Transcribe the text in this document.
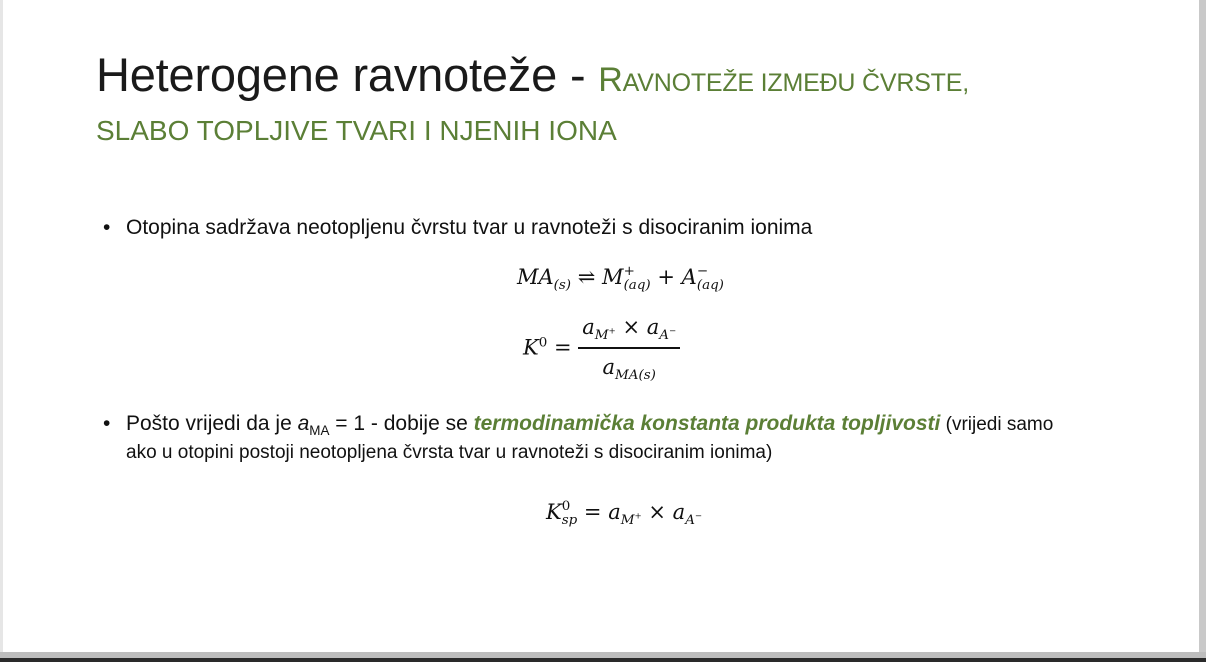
Heterogene ravnoteže - RAVNOTEŽE IZMEĐU ČVRSTE,
SLABO TOPLJIVE TVARI I NJENIH IONA
• Otopina sadržava neotopljenu čvrstu tvar u ravnoteži s disociranim ionima
$MA_{(s)}$ ⇌ M +
(aq) + A −
(aq)
$K^0 = \frac{a_{M^+} \times a_{A^-}}{a_{MA(s)}}$
• Pošto vrijedi da je $a_{MA} = 1$ - dobije se termodinamička konstanta produkta topljivosti (vrijedi samo
ako u otopini postoji neotopljena čvrsta tvar u ravnoteži s disociranim ionima)
K 0
sp = $a_{M^+} \times a_{A^-}$
